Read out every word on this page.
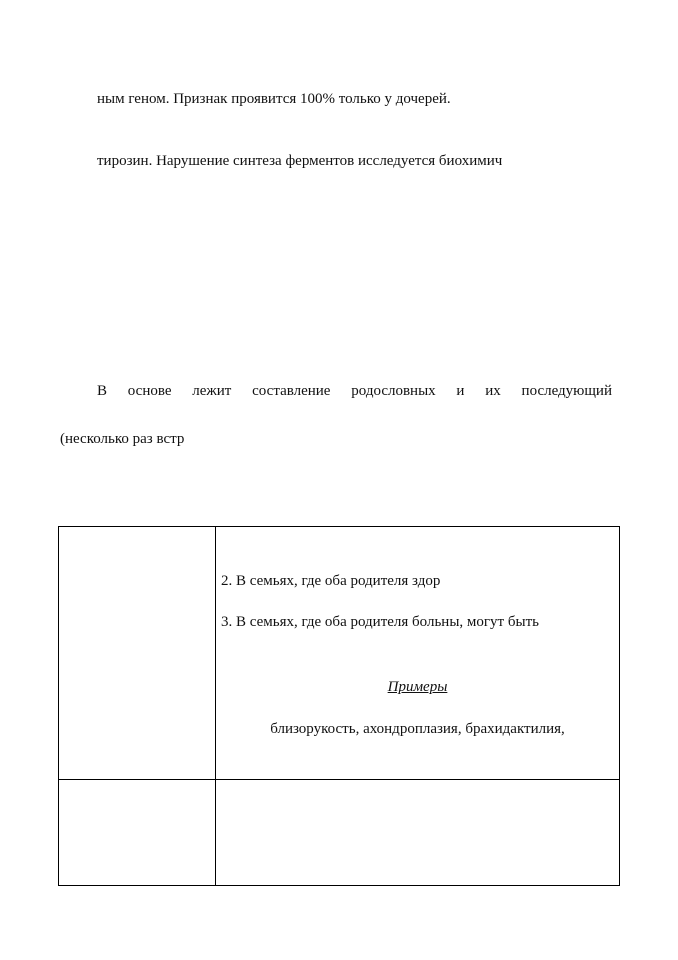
ным геном. Признак проявится 100% только у дочерей.
тирозин. Нарушение синтеза ферментов исследуется биохимич
В основе лежит составление родословных и их последующий
(несколько раз встр

	2. В семьях, где оба родителя здор
3. В семьях, где оба родителя больны, могут быть
Примеры
близорукость, ахондроплазия, брахидактилия,
